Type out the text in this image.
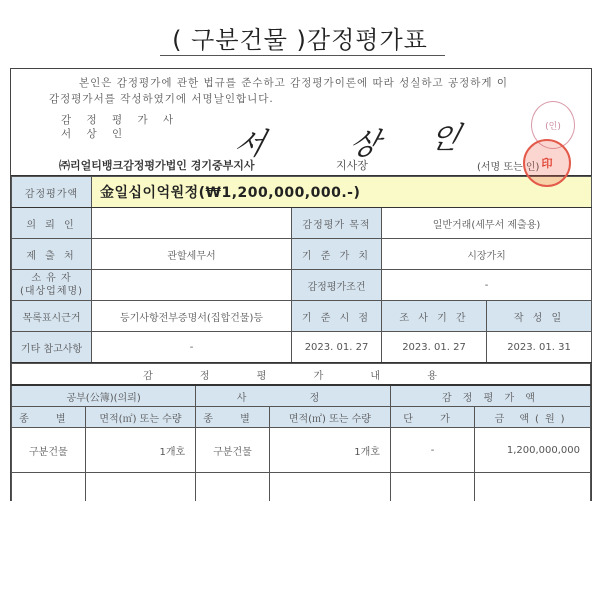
( 구분건물 )감정평가표
본인은 감정평가에 관한 법규를 준수하고 감정평가이론에 따라 성실하고 공정하게 이
감정평가서를 작성하였기에 서명날인합니다.
감 정 평 가 사
서 상 인	서	상 인	(인)
㈜리얼티뱅크감정평가법인 경기중부지사	지사장	(서명 또는 인) 印
감정평가액	金일십이억원정(₩1,200,000,000.-)			
의 뢰 인		감정평가 목적	일반거래(세무서 제출용)	
제 출 처	관할세무서	기 준 가 치	시장가치	

소 유 자
(대상업체명)		감정평가조건	-	
목록표시근거	등기사항전부증명서(집합건물)등	기 준 시 점	조 사 기 간	작 성 일
기타 참고사항	-	2023. 01. 27	2023. 01. 27	2023. 01. 31
감 정 평 가 내 용					
공부(公簿)(의뢰)		사 정		감 정 평 가 액	
종 별	면적(㎡) 또는 수량	종 별	면적(㎡) 또는 수량	단 가	금 액(원)
구분건물	1개호	구분건물	1개호	-	1,200,000,000
